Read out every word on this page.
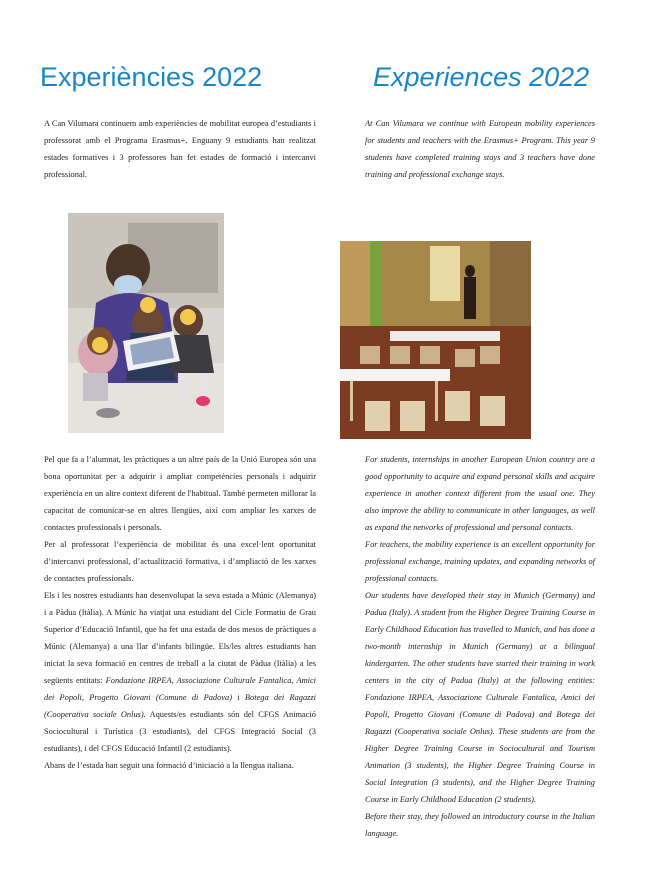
Experiències 2022	Experiences 2022

A Can Vilumara continuem amb experiències de mobilitat europea d’estudiants i professorat amb el Programa Erasmus+. Enguany 9 estudiants han realitzat estades formatives i 3 professores han fet estades de formació i intercanvi professional.

At Can Vilumara we continue with European mobility experiences for students and teachers with the Erasmus+ Program. This year 9 students have completed training stays and 3 teachers have done training and professional exchange stays.

Pel que fa a l’alumnat, les pràctiques a un altre país de la Unió Europea són una bona oportunitat per a adquirir i ampliar competències personals i adquirir experiència en un altre context diferent de l'habitual. També permeten millorar la capacitat de comunicar-se en altres llengües, així com ampliar les xarxes de contactes professionals i personals.

Per al professorat l’experiència de mobilitat és una excel·lent oportunitat d’intercanvi professional, d’actualització formativa, i d’ampliació de les xarxes de contactes professionals.

Els i les nostres estudiants han desenvolupat la seva estada a Múnic (Alemanya) i a Pàdua (Itàlia). A Múnic ha viatjat una estudiant del Cicle Formatiu de Grau Superior d’Educació Infantil, que ha fet una estada de dos mesos de pràctiques a Múnic (Alemanya) a una llar d’infants bilingüe. Els/les altres estudiants han iniciat la seva formació en centres de treball a la ciutat de Pàdua (Itàlia) a les següents entitats: Fondazione IRPEA, Associazione Culturale Fantalica, Amici dei Popoli, Progetto Giovani (Comune di Padova) i Botega dei Ragazzi (Cooperativa sociale Onlus). Aquests/es estudiants són del CFGS Animació Sociocultural i Turística (3 estudiants), del CFGS Integració Social (3 estudiants), i del CFGS Educació Infantil (2 estudiants).

Abans de l’estada han seguit una formació d’iniciació a la llengua italiana.

For students, internships in another European Union country are a good opportunity to acquire and expand personal skills and acquire experience in another context different from the usual one. They also improve the ability to communicate in other languages, as well as expand the networks of professional and personal contacts.

For teachers, the mobility experience is an excellent opportunity for professional exchange, training updates, and expanding networks of professional contacts.

Our students have developed their stay in Munich (Germany) and Padua (Italy). A student from the Higher Degree Training Course in Early Childhood Education has travelled to Munich, and has done a two-month internship in Munich (Germany) at a bilingual kindergarten. The other students have started their training in work centers in the city of Padua (Italy) at the following entities: Fondazione IRPEA, Associazione Culturale Fantalica, Amici dei Popoli, Progetto Giovani (Comune di Padova) and Botega dei Ragazzi (Cooperativa sociale Onlus). These students are from the Higher Degree Training Course in Sociocultural and Tourism Animation (3 students), the Higher Degree Training Course in Social Integration (3 students), and the Higher Degree Training Course in Early Childhood Education (2 students).

Before their stay, they followed an introductory course in the Italian language.
